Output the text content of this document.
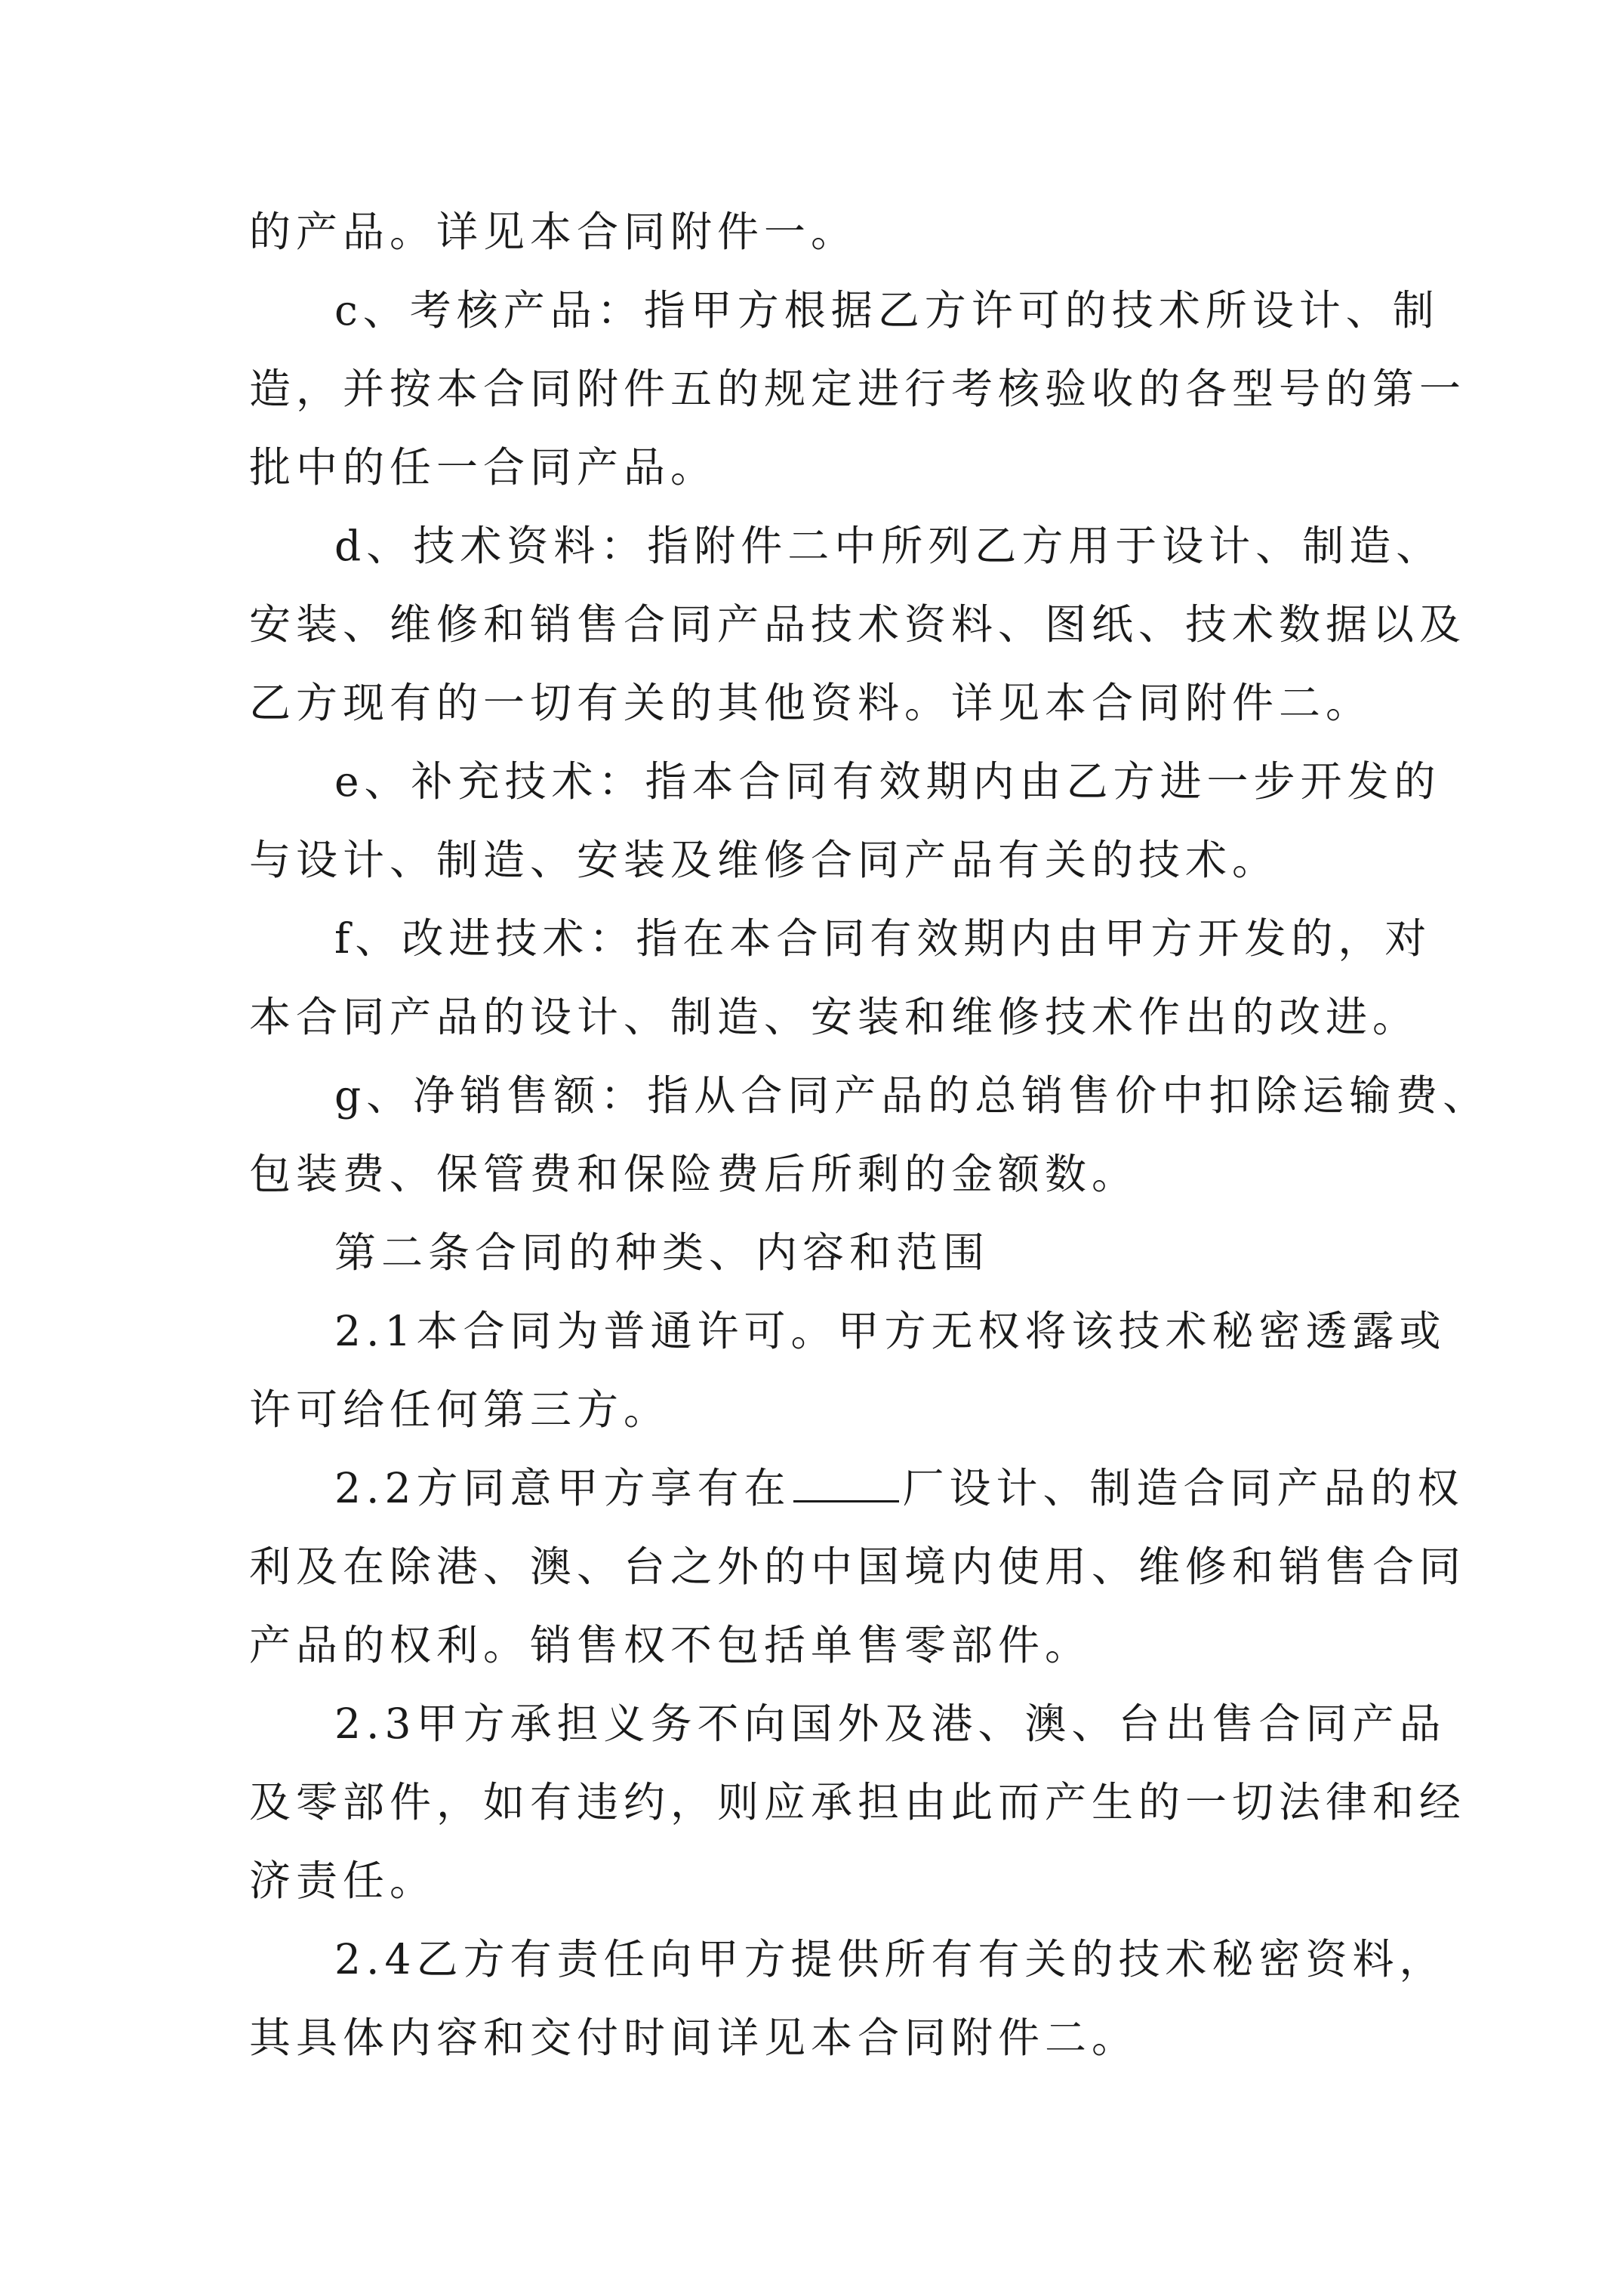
的产品。详见本合同附件一。
c、考核产品：指甲方根据乙方许可的技术所设计、制
造，并按本合同附件五的规定进行考核验收的各型号的第一
批中的任一合同产品。
d、技术资料：指附件二中所列乙方用于设计、制造、
安装、维修和销售合同产品技术资料、图纸、技术数据以及
乙方现有的一切有关的其他资料。详见本合同附件二。
e、补充技术：指本合同有效期内由乙方进一步开发的
与设计、制造、安装及维修合同产品有关的技术。
f、改进技术：指在本合同有效期内由甲方开发的，对
本合同产品的设计、制造、安装和维修技术作出的改进。
g、净销售额：指从合同产品的总销售价中扣除运输费、
包装费、保管费和保险费后所剩的金额数。
第二条合同的种类、内容和范围
2.1本合同为普通许可。甲方无权将该技术秘密透露或
许可给任何第三方。
2.2方同意甲方享有在	厂设计、制造合同产品的权
利及在除港、澳、台之外的中国境内使用、维修和销售合同
产品的权利。销售权不包括单售零部件。
2.3甲方承担义务不向国外及港、澳、台出售合同产品
及零部件，如有违约，则应承担由此而产生的一切法律和经
济责任。
2.4乙方有责任向甲方提供所有有关的技术秘密资料，
其具体内容和交付时间详见本合同附件二。
